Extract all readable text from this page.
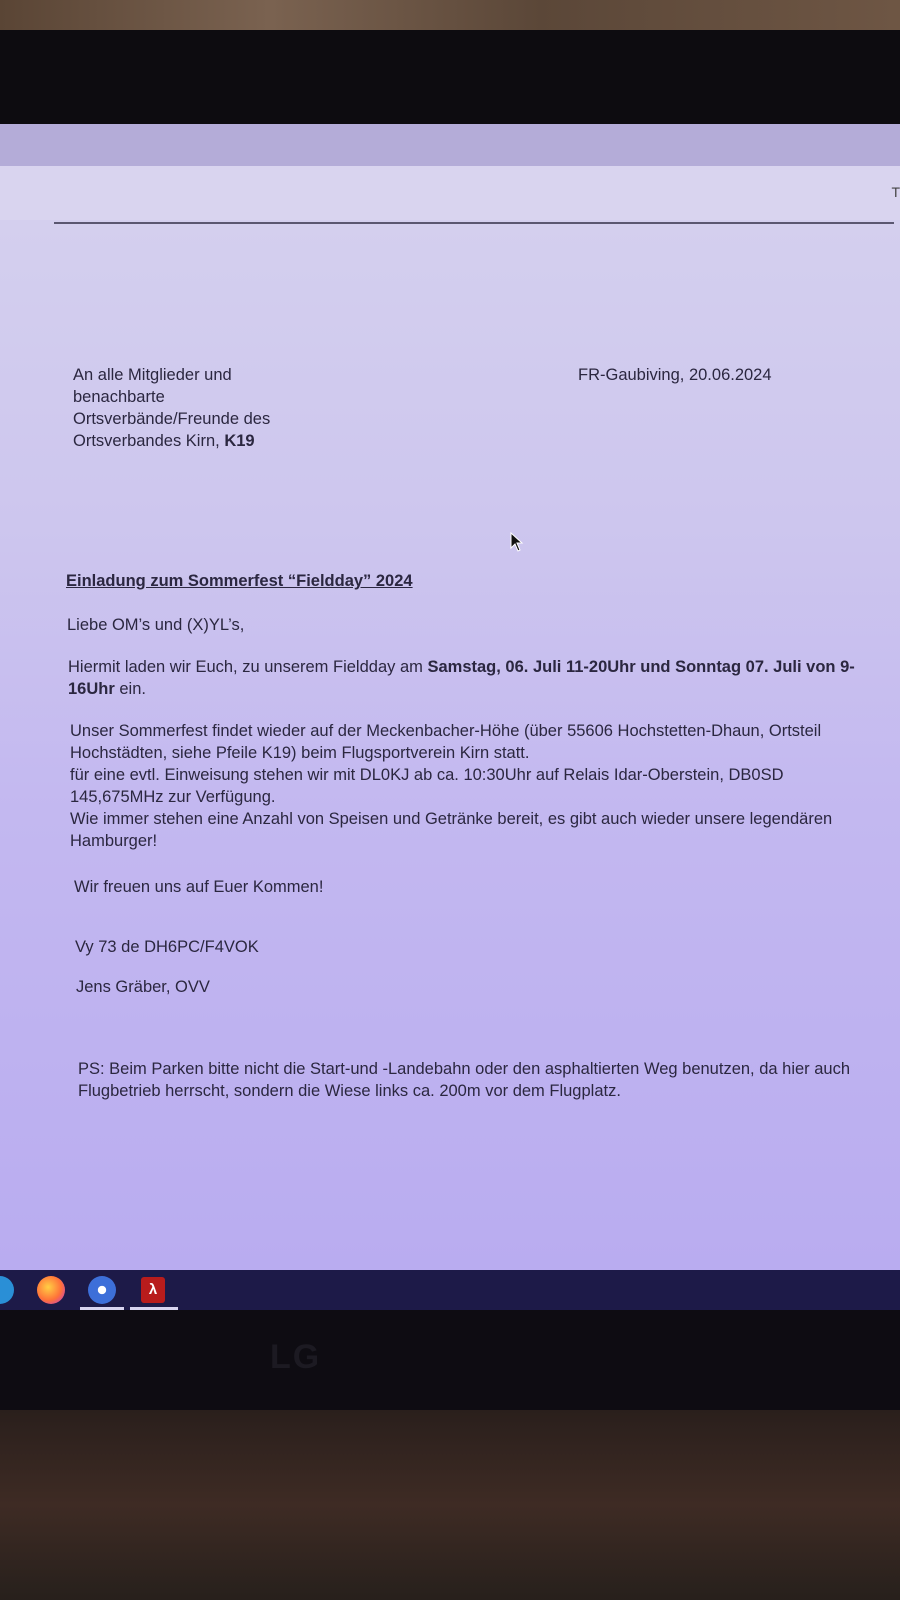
T
An alle Mitglieder und
benachbarte
Ortsverbände/Freunde des
Ortsverbandes Kirn, K19
FR-Gaubiving, 20.06.2024
Einladung zum Sommerfest “Fieldday” 2024
Liebe OM’s und (X)YL’s,
Hiermit laden wir Euch, zu unserem Fieldday am Samstag, 06. Juli 11-20Uhr und Sonntag 07. Juli von 9-16Uhr ein.
Unser Sommerfest findet wieder auf der Meckenbacher-Höhe (über 55606 Hochstetten-Dhaun, Ortsteil Hochstädten, siehe Pfeile K19) beim Flugsportverein Kirn statt.
für eine evtl. Einweisung stehen wir mit DL0KJ ab ca. 10:30Uhr auf Relais Idar-Oberstein, DB0SD 145,675MHz zur Verfügung.
Wie immer stehen eine Anzahl von Speisen und Getränke bereit, es gibt auch wieder unsere legendären Hamburger!
Wir freuen uns auf Euer Kommen!
Vy 73 de DH6PC/F4VOK
Jens Gräber, OVV
PS: Beim Parken bitte nicht die Start-und -Landebahn oder den asphaltierten Weg benutzen, da hier auch Flugbetrieb herrscht, sondern die Wiese links ca. 200m vor dem Flugplatz.
λ
LG
